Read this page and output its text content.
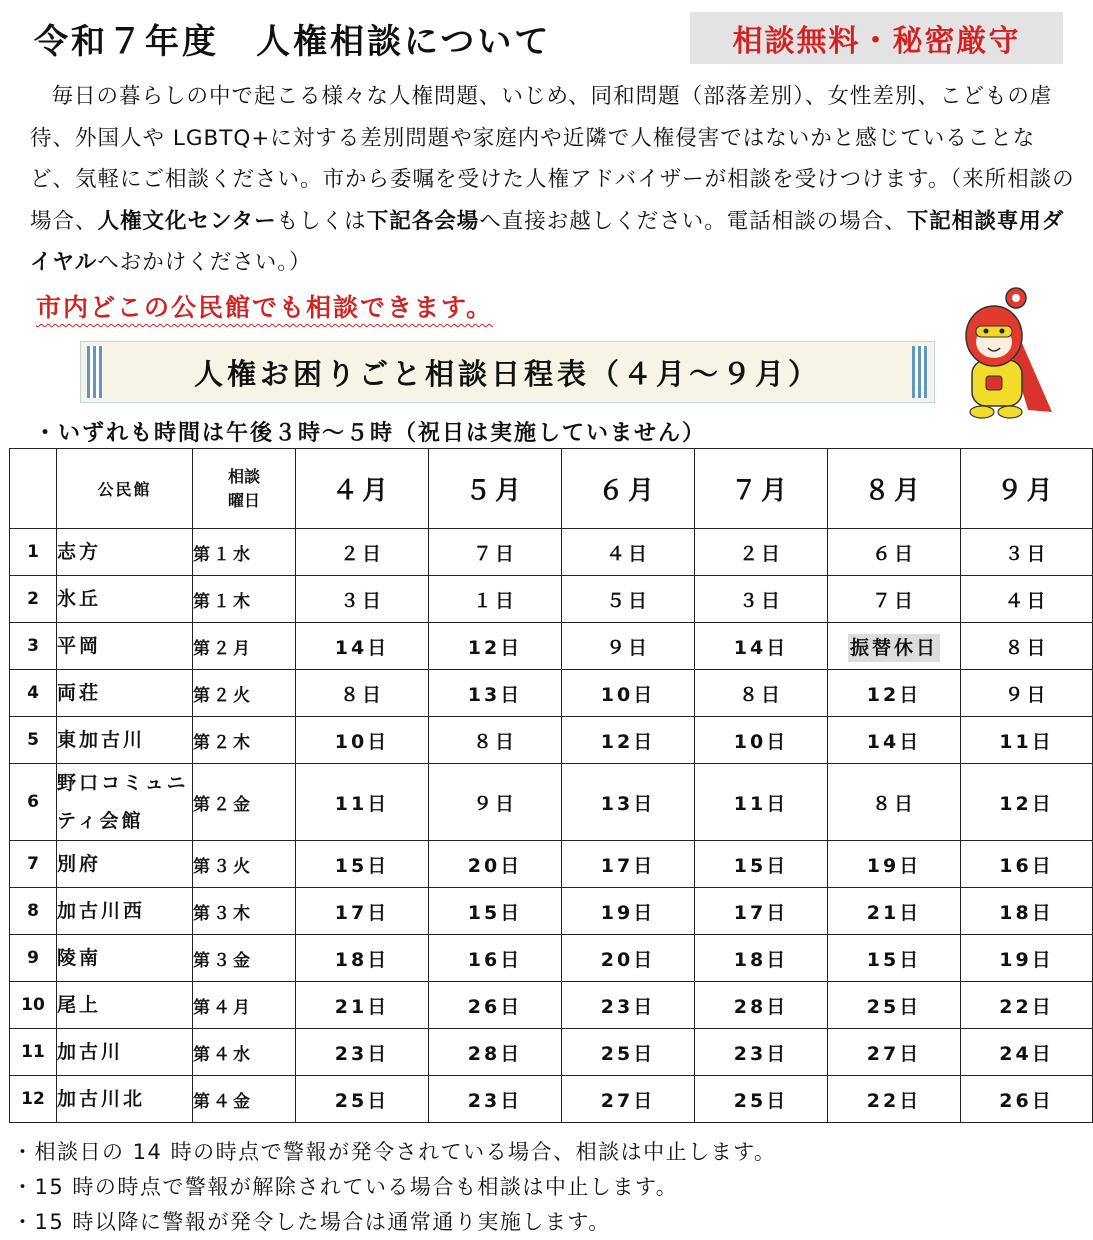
令和７年度　人権相談について	相談無料・秘密厳守

毎日の暮らしの中で起こる様々な人権問題、いじめ、同和問題（部落差別）、女性差別、こどもの虐待、外国人や LGBTQ+に対する差別問題や家庭内や近隣で人権侵害ではないかと感じていることなど、気軽にご相談ください。市から委嘱を受けた人権アドバイザーが相談を受けつけます。（来所相談の場合、人権文化センターもしくは下記各会場へ直接お越しください。電話相談の場合、下記相談専用ダイヤルへおかけください。）

市内どこの公民館でも相談できます。
人権お困りごと相談日程表（４月～９月）
・いずれも時間は午後３時～５時（祝日は実施していません）
	公民館	相談
曜日	４月	５月	６月	７月	８月	９月
1	志方	第１水	２日	７日	４日	２日	６日	３日
2	氷丘	第１木	３日	１日	５日	３日	７日	４日
3	平岡	第２月	14日	12日	９日	14日	振替休日	８日
4	両荘	第２火	８日	13日	10日	８日	12日	９日
5	東加古川	第２木	10日	８日	12日	10日	14日	11日
6	野口コミュニティ会館	第２金	11日	９日	13日	11日	８日	12日
7	別府	第３火	15日	20日	17日	15日	19日	16日
8	加古川西	第３木	17日	15日	19日	17日	21日	18日
9	陵南	第３金	18日	16日	20日	18日	15日	19日
10	尾上	第４月	21日	26日	23日	28日	25日	22日
11	加古川	第４水	23日	28日	25日	23日	27日	24日
12	加古川北	第４金	25日	23日	27日	25日	22日	26日

・相談日の 14 時の時点で警報が発令されている場合、相談は中止します。

・15 時の時点で警報が解除されている場合も相談は中止します。

・15 時以降に警報が発令した場合は通常通り実施します。
